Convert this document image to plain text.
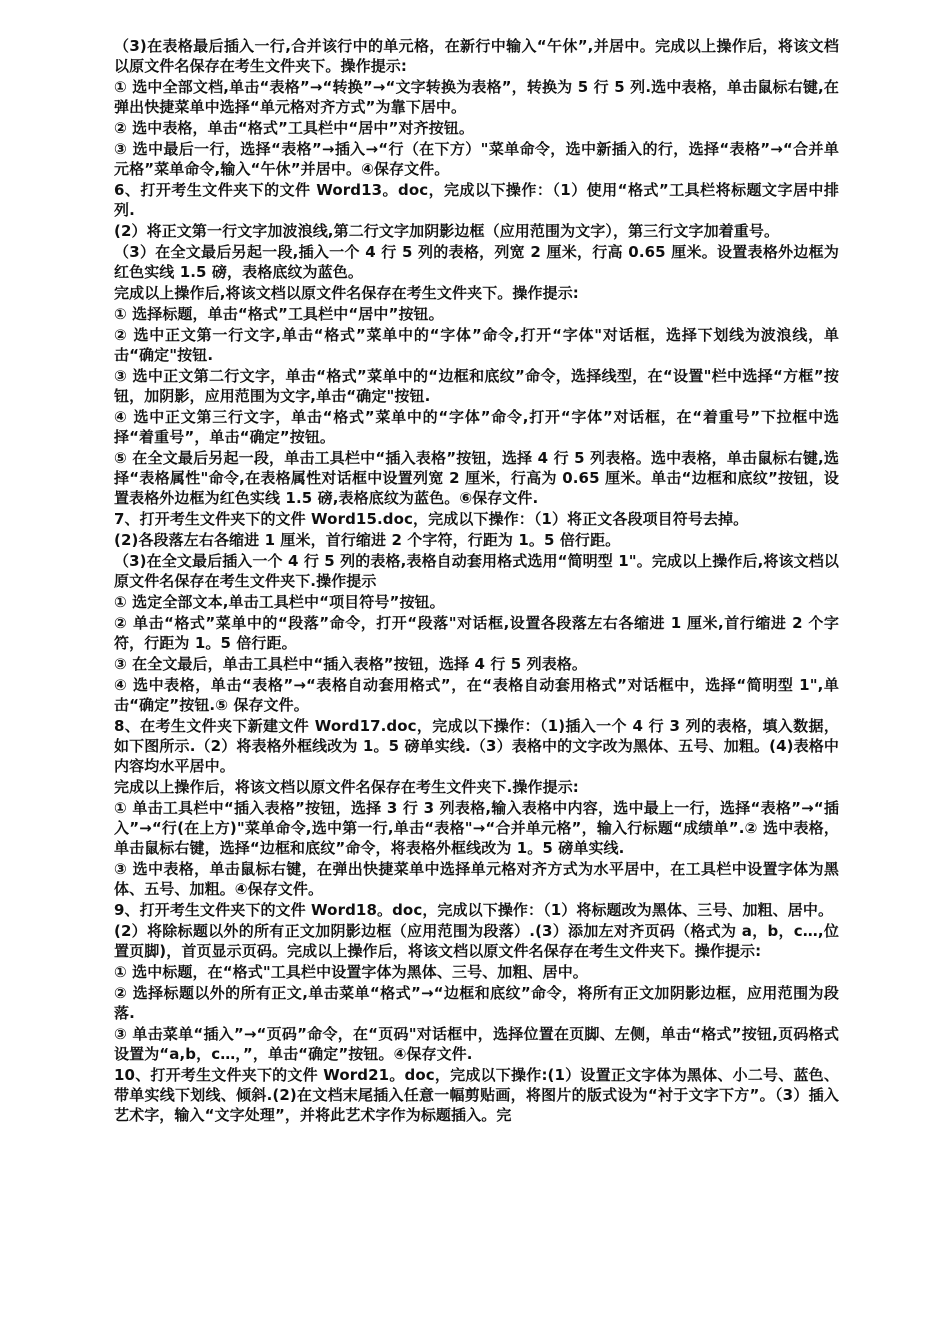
（3)在表格最后插入一行,合并该行中的单元格，在新行中输入“午休”,并居中。完成以上操作后，将该文档以原文件名保存在考生文件夹下。操作提示:

① 选中全部文档,单击“表格”→“转换”→“文字转换为表格”，转换为 5 行 5 列.选中表格，单击鼠标右键,在弹出快捷菜单中选择“单元格对齐方式”为靠下居中。

② 选中表格，单击“格式”工具栏中“居中”对齐按钮。

③ 选中最后一行，选择“表格”→插入→“行（在下方）"菜单命令，选中新插入的行，选择“表格”→“合并单元格”菜单命令,输入“午休”并居中。④保存文件。

6、打开考生文件夹下的文件 Word13。doc，完成以下操作：（1）使用“格式”工具栏将标题文字居中排列.

(2）将正文第一行文字加波浪线,第二行文字加阴影边框（应用范围为文字），第三行文字加着重号。

（3）在全文最后另起一段,插入一个 4 行 5 列的表格，列宽 2 厘米，行高 0.65 厘米。设置表格外边框为红色实线 1.5 磅，表格底纹为蓝色。

完成以上操作后,将该文档以原文件名保存在考生文件夹下。操作提示:

① 选择标题，单击“格式”工具栏中“居中”按钮。

② 选中正文第一行文字,单击“格式”菜单中的“字体”命令,打开“字体"对话框，选择下划线为波浪线，单击“确定"按钮.

③ 选中正文第二行文字，单击“格式”菜单中的“边框和底纹”命令，选择线型，在“设置"栏中选择“方框”按钮，加阴影，应用范围为文字,单击“确定"按钮.

④ 选中正文第三行文字，单击“格式”菜单中的“字体”命令,打开“字体”对话框，在“着重号”下拉框中选择“着重号”，单击“确定”按钮。

⑤ 在全文最后另起一段，单击工具栏中“插入表格”按钮，选择 4 行 5 列表格。选中表格，单击鼠标右键,选择“表格属性"命令,在表格属性对话框中设置列宽 2 厘米，行高为 0.65 厘米。单击“边框和底纹”按钮，设置表格外边框为红色实线 1.5 磅,表格底纹为蓝色。⑥保存文件.

7、打开考生文件夹下的文件 Word15.doc，完成以下操作：（1）将正文各段项目符号去掉。

(2)各段落左右各缩进 1 厘米，首行缩进 2 个字符，行距为 1。5 倍行距。

（3)在全文最后插入一个 4 行 5 列的表格,表格自动套用格式选用“简明型 1"。完成以上操作后,将该文档以原文件名保存在考生文件夹下.操作提示

① 选定全部文本,单击工具栏中“项目符号”按钮。

② 单击“格式”菜单中的“段落”命令，打开“段落"对话框,设置各段落左右各缩进 1 厘米,首行缩进 2 个字符，行距为 1。5 倍行距。

③ 在全文最后，单击工具栏中“插入表格”按钮，选择 4 行 5 列表格。

④ 选中表格，单击“表格”→“表格自动套用格式”，在“表格自动套用格式”对话框中，选择“简明型 1",单击“确定”按钮.⑤ 保存文件。

8、在考生文件夹下新建文件 Word17.doc，完成以下操作：（1)插入一个 4 行 3 列的表格，填入数据，如下图所示.（2）将表格外框线改为 1。5 磅单实线.（3）表格中的文字改为黑体、五号、加粗。(4)表格中内容均水平居中。

完成以上操作后，将该文档以原文件名保存在考生文件夹下.操作提示:

① 单击工具栏中“插入表格”按钮，选择 3 行 3 列表格,输入表格中内容，选中最上一行，选择“表格”→“插入”→“行(在上方)"菜单命令,选中第一行,单击“表格"→“合并单元格”，输入行标题“成绩单”.② 选中表格，单击鼠标右键，选择“边框和底纹”命令，将表格外框线改为 1。5 磅单实线.

③ 选中表格，单击鼠标右键，在弹出快捷菜单中选择单元格对齐方式为水平居中，在工具栏中设置字体为黑体、五号、加粗。④保存文件。

9、打开考生文件夹下的文件 Word18。doc，完成以下操作：（1）将标题改为黑体、三号、加粗、居中。

(2）将除标题以外的所有正文加阴影边框（应用范围为段落）.(3）添加左对齐页码（格式为 a，b，c…,位置页脚)，首页显示页码。完成以上操作后，将该文档以原文件名保存在考生文件夹下。操作提示:

① 选中标题，在“格式"工具栏中设置字体为黑体、三号、加粗、居中。

② 选择标题以外的所有正文,单击菜单“格式”→“边框和底纹”命令，将所有正文加阴影边框，应用范围为段落.

③ 单击菜单“插入”→“页码”命令，在“页码"对话框中，选择位置在页脚、左侧，单击“格式”按钮,页码格式设置为“a,b，c…，”，单击“确定”按钮。④保存文件.

10、打开考生文件夹下的文件 Word21。doc，完成以下操作:(1）设置正文字体为黑体、小二号、蓝色、带单实线下划线、倾斜.(2)在文档末尾插入任意一幅剪贴画，将图片的版式设为“衬于文字下方”。（3）插入艺术字，输入“文字处理”，并将此艺术字作为标题插入。完
